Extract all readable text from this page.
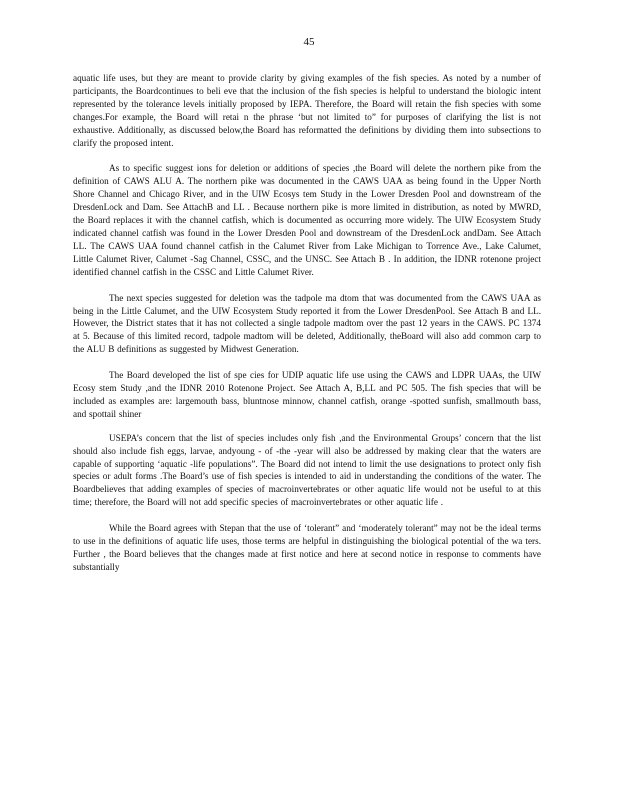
45

aquatic life uses, but they are meant to provide clarity by giving examples of the fish species. As noted by a number of participants, the Boardcontinues to beli eve that the inclusion of the fish species is helpful to understand the biologic intent represented by the tolerance levels initially proposed by IEPA. Therefore, the Board will retain the fish species with some changes.For example, the Board will retai n the phrase ‘but not limited to” for purposes of clarifying the list is not exhaustive. Additionally, as discussed below,the Board has reformatted the definitions by dividing them into subsections to clarify the proposed intent.

As to specific suggest ions for deletion or additions of species ,the Board will delete the northern pike from the definition of CAWS ALU A. The northern pike was documented in the CAWS UAA as being found in the Upper North Shore Channel and Chicago River, and in the UIW Ecosys tem Study in the Lower Dresden Pool and downstream of the DresdenLock and Dam. See AttachB and LL . Because northern pike is more limited in distribution, as noted by MWRD, the Board replaces it with the channel catfish, which is documented as occurring more widely. The UIW Ecosystem Study indicated channel catfish was found in the Lower Dresden Pool and downstream of the DresdenLock andDam. See Attach LL. The CAWS UAA found channel catfish in the Calumet River from Lake Michigan to Torrence Ave., Lake Calumet, Little Calumet River, Calumet -Sag Channel, CSSC, and the UNSC. See Attach B . In addition, the IDNR rotenone project identified channel catfish in the CSSC and Little Calumet River.

The next species suggested for deletion was the tadpole ma dtom that was documented from the CAWS UAA as being in the Little Calumet, and the UIW Ecosystem Study reported it from the Lower DresdenPool. See Attach B and LL. However, the District states that it has not collected a single tadpole madtom over the past 12 years in the CAWS. PC 1374 at 5. Because of this limited record, tadpole madtom will be deleted, Additionally, theBoard will also add common carp to the ALU B definitions as suggested by Midwest Generation.

The Board developed the list of spe cies for UDIP aquatic life use using the CAWS and LDPR UAAs, the UIW Ecosy stem Study ,and the IDNR 2010 Rotenone Project. See Attach A, B,LL and PC 505. The fish species that will be included as examples are: largemouth bass, bluntnose minnow, channel catfish, orange -spotted sunfish, smallmouth bass, and spottail shiner

USEPA’s concern that the list of species includes only fish ,and the Environmental Groups’ concern that the list should also include fish eggs, larvae, andyoung - of -the -year will also be addressed by making clear that the waters are capable of supporting ‘aquatic -life populations”. The Board did not intend to limit the use designations to protect only fish species or adult forms .The Board’s use of fish species is intended to aid in understanding the conditions of the water. The Boardbelieves that adding examples of species of macroinvertebrates or other aquatic life would not be useful to at this time; therefore, the Board will not add specific species of macroinvertebrates or other aquatic life .

While the Board agrees with Stepan that the use of ‘tolerant” and ‘moderately tolerant” may not be the ideal terms to use in the definitions of aquatic life uses, those terms are helpful in distinguishing the biological potential of the wa ters. Further , the Board believes that the changes made at first notice and here at second notice in response to comments have substantially
